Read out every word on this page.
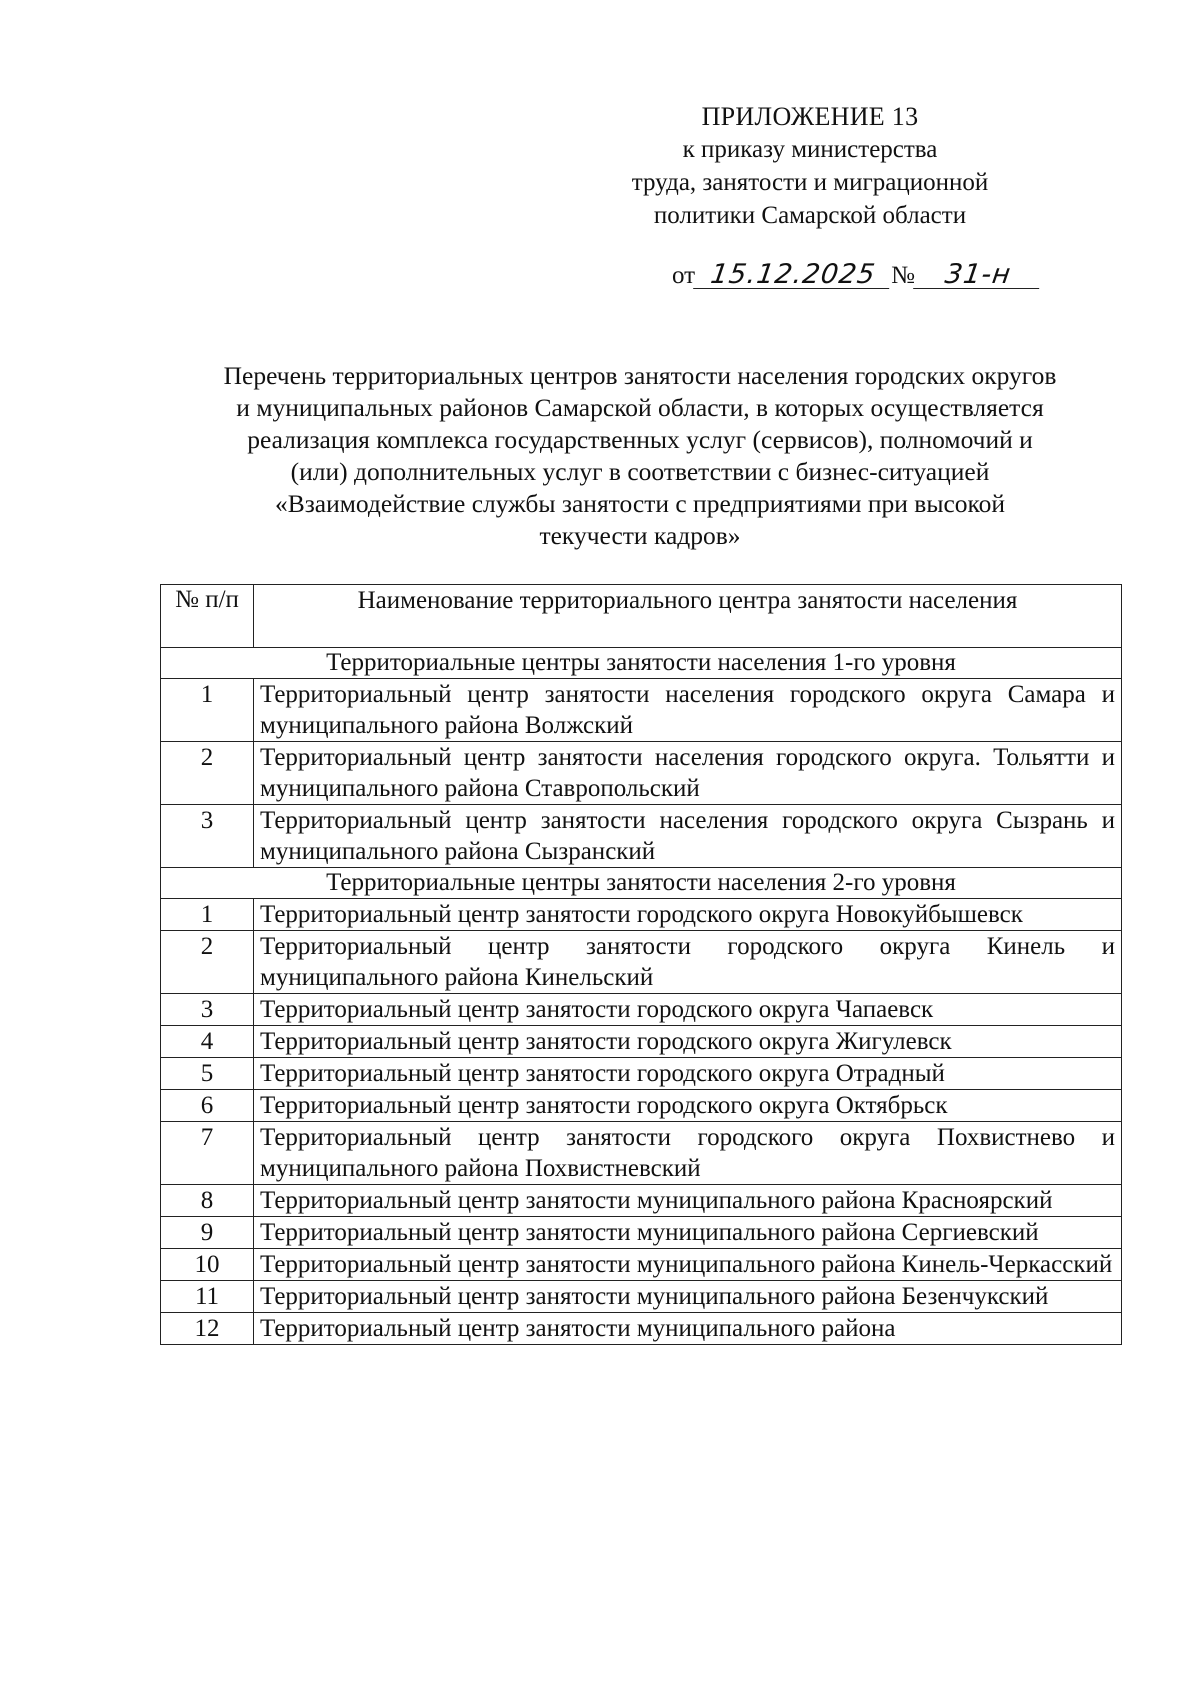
ПРИЛОЖЕНИЕ 13
к приказу министерства
труда, занятости и миграционной
политики Самарской области
от 15.12.2025 № 31-н
Перечень территориальных центров занятости населения городских округов
и муниципальных районов Самарской области, в которых осуществляется
реализация комплекса государственных услуг (сервисов), полномочий и
(или) дополнительных услуг в соответствии с бизнес-ситуацией
«Взаимодействие службы занятости с предприятиями при высокой
текучести кадров»
№ п/п	Наименование территориального центра занятости населения
Территориальные центры занятости населения 1-го уровня	
1	Территориальный центр занятости населения городского округа Самара и муниципального района Волжский
2	Территориальный центр занятости населения городского округа. Тольятти и муниципального района Ставропольский
3	Территориальный центр занятости населения городского округа Сызрань и муниципального района Сызранский
Территориальные центры занятости населения 2-го уровня	
1	Территориальный центр занятости городского округа Новокуйбышевск
2	Территориальный центр занятости городского округа Кинель и муниципального района Кинельский
3	Территориальный центр занятости городского округа Чапаевск
4	Территориальный центр занятости городского округа Жигулевск
5	Территориальный центр занятости городского округа Отрадный
6	Территориальный центр занятости городского округа Октябрьск
7	Территориальный центр занятости городского округа Похвистнево и муниципального района Похвистневский
8	Территориальный центр занятости муниципального района Красноярский
9	Территориальный центр занятости муниципального района Сергиевский
10	Территориальный центр занятости муниципального района Кинель-Черкасский
11	Территориальный центр занятости муниципального района Безенчукский
12	Территориальный центр занятости муниципального района
